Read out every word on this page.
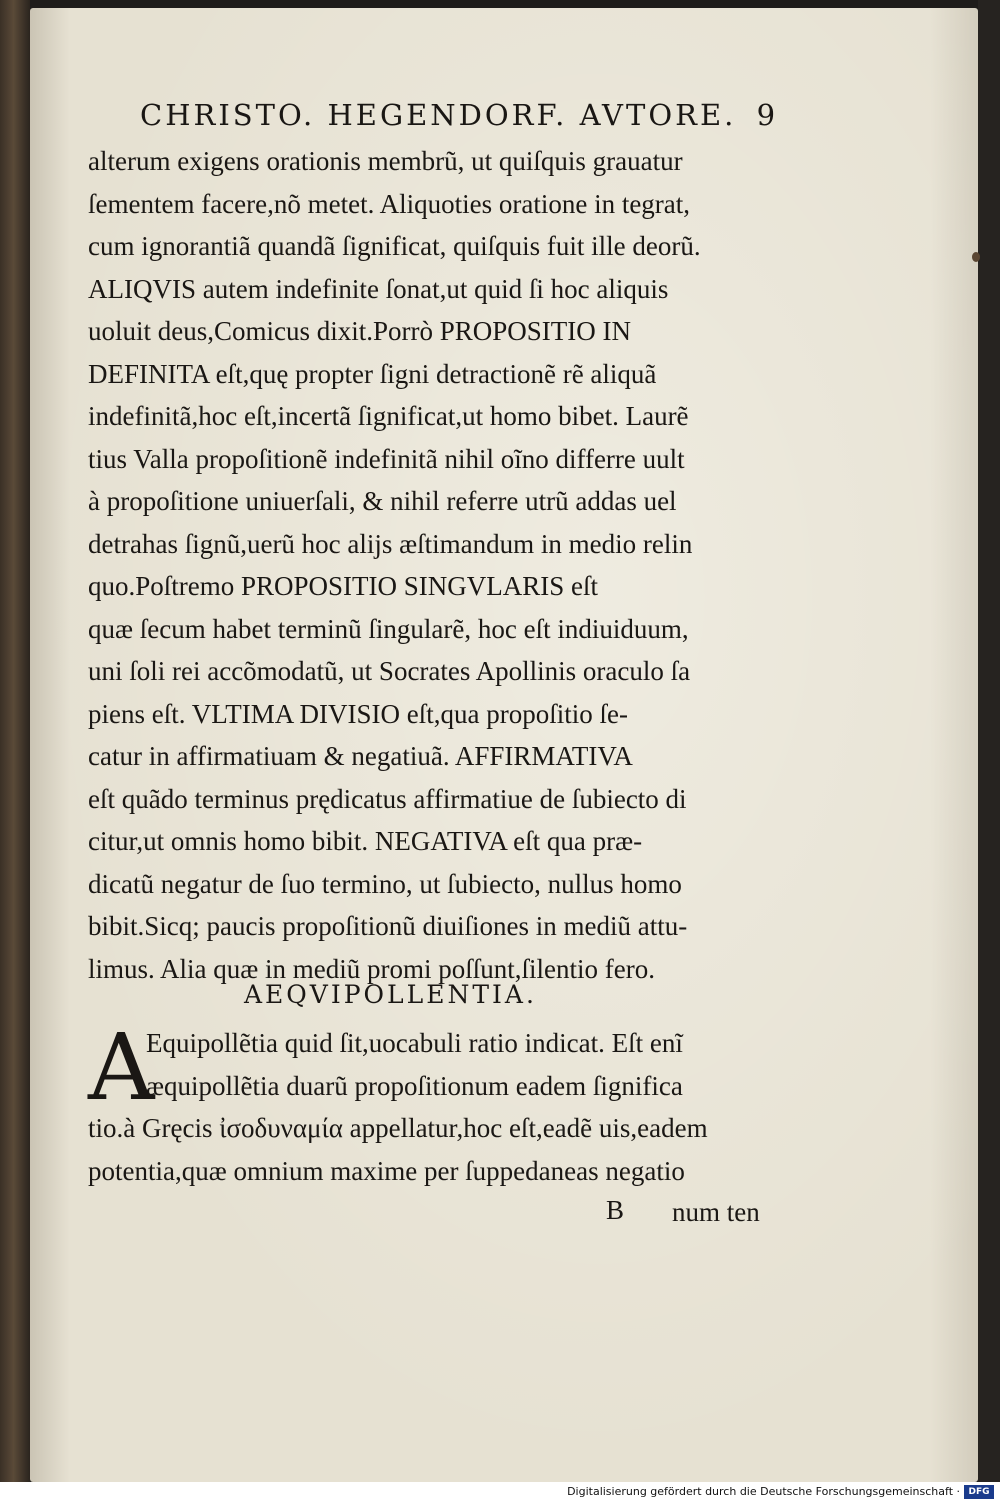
CHRISTO. HEGENDORF. AVTORE. 9
alterum exigens orationis membrũ, ut quiſquis grauatur
ſementem facere,nõ metet. Aliquoties oratione in tegrat,
cum ignorantiã quandã ſignificat, quiſquis fuit ille deorũ.
ALIQVIS autem indefinite ſonat,ut quid ſi hoc aliquis
uoluit deus,Comicus dixit.Porrò PROPOSITIO IN
DEFINITA eſt,quę propter ſigni detractionẽ rẽ aliquã
indefinitã,hoc eſt,incertã ſignificat,ut homo bibet. Laurẽ
tius Valla propoſitionẽ indefinitã nihil oĩno differre uult
à propoſitione uniuerſali, & nihil referre utrũ addas uel
detrahas ſignũ,uerũ hoc alijs æſtimandum in medio relin
quo.Poſtremo PROPOSITIO SINGVLARIS eſt
quæ ſecum habet terminũ ſingularẽ, hoc eſt indiuiduum,
uni ſoli rei accõmodatũ, ut Socrates Apollinis oraculo ſa
piens eſt. VLTIMA DIVISIO eſt,qua propoſitio ſe-
catur in affirmatiuam & negatiuã. AFFIRMATIVA
eſt quãdo terminus prędicatus affirmatiue de ſubiecto di
citur,ut omnis homo bibit. NEGATIVA eſt qua præ-
dicatũ negatur de ſuo termino, ut ſubiecto, nullus homo
bibit.Sicq; paucis propoſitionũ diuiſiones in mediũ attu-
limus. Alia quæ in mediũ promi poſſunt,ſilentio fero.
AEQVIPOLLENTIA.
A
Equipollẽtia quid ſit,uocabuli ratio indicat. Eſt enĩ
æquipollẽtia duarũ propoſitionum eadem ſignifica
tio.à Gręcis ἰσοδυναμία appellatur,hoc eſt,eadẽ uis,eadem
potentia,quæ omnium maxime per ſuppedaneas negatio
B num ten
Digitalisierung gefördert durch die Deutsche Forschungsgemeinschaft · DFG
